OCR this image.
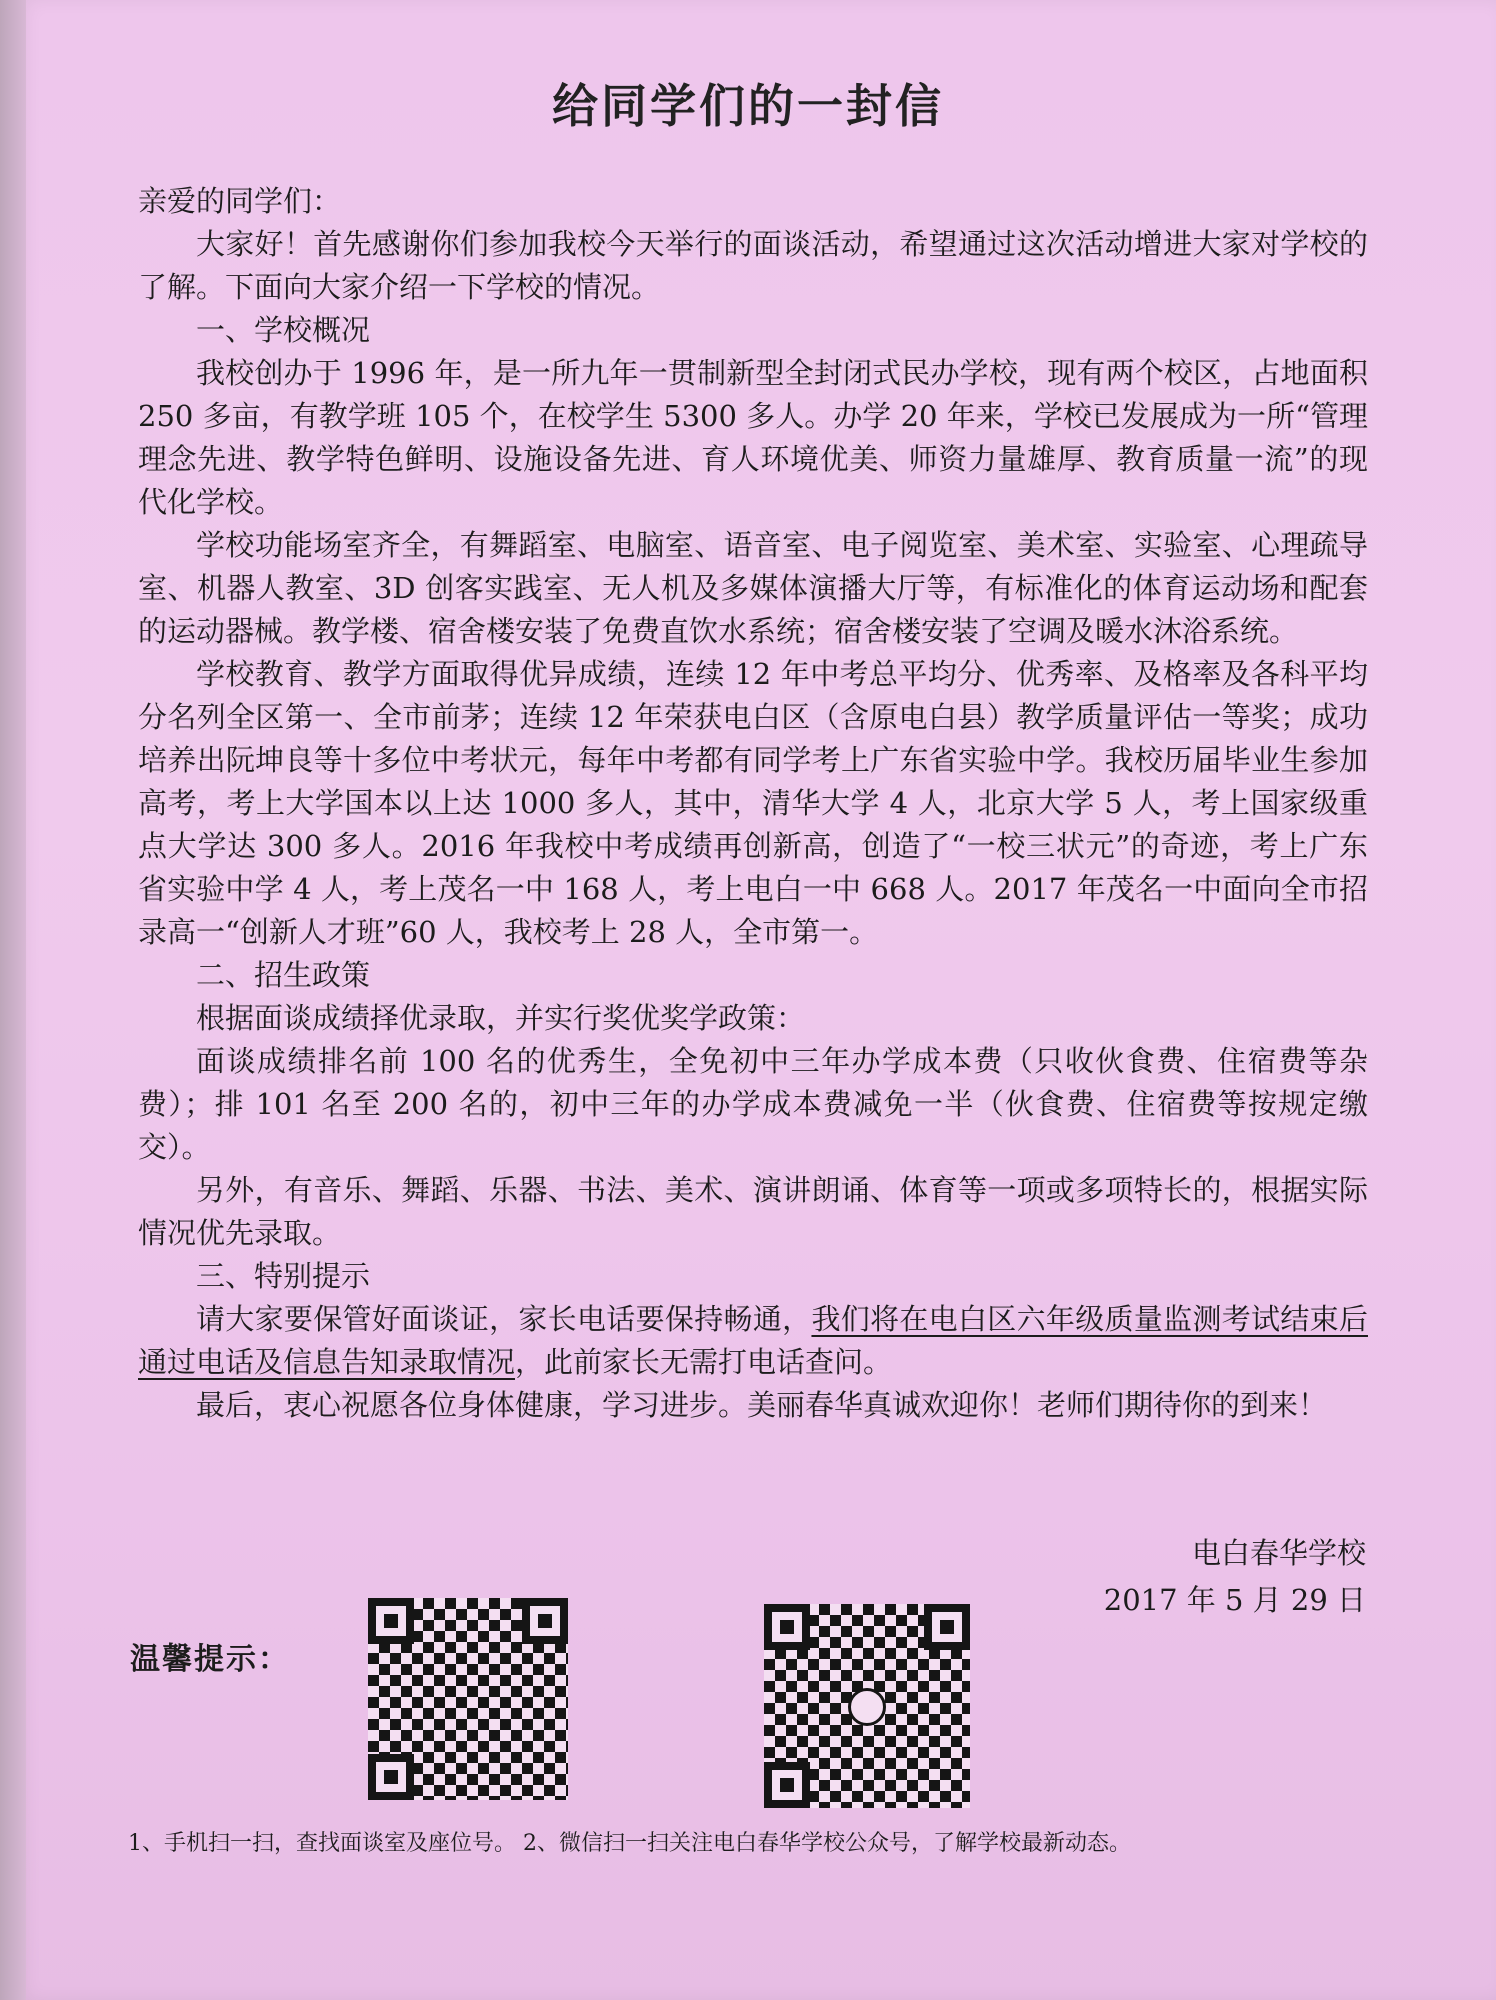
给同学们的一封信

亲爱的同学们：

大家好！首先感谢你们参加我校今天举行的面谈活动，希望通过这次活动增进大家对学校的了解。下面向大家介绍一下学校的情况。

一、学校概况

我校创办于 1996 年，是一所九年一贯制新型全封闭式民办学校，现有两个校区，占地面积 250 多亩，有教学班 105 个，在校学生 5300 多人。办学 20 年来，学校已发展成为一所“管理理念先进、教学特色鲜明、设施设备先进、育人环境优美、师资力量雄厚、教育质量一流”的现代化学校。

学校功能场室齐全，有舞蹈室、电脑室、语音室、电子阅览室、美术室、实验室、心理疏导室、机器人教室、3D 创客实践室、无人机及多媒体演播大厅等，有标准化的体育运动场和配套的运动器械。教学楼、宿舍楼安装了免费直饮水系统；宿舍楼安装了空调及暖水沐浴系统。

学校教育、教学方面取得优异成绩，连续 12 年中考总平均分、优秀率、及格率及各科平均分名列全区第一、全市前茅；连续 12 年荣获电白区（含原电白县）教学质量评估一等奖；成功培养出阮坤良等十多位中考状元，每年中考都有同学考上广东省实验中学。我校历届毕业生参加高考，考上大学国本以上达 1000 多人，其中，清华大学 4 人，北京大学 5 人，考上国家级重点大学达 300 多人。2016 年我校中考成绩再创新高，创造了“一校三状元”的奇迹，考上广东省实验中学 4 人，考上茂名一中 168 人，考上电白一中 668 人。2017 年茂名一中面向全市招录高一“创新人才班”60 人，我校考上 28 人，全市第一。

二、招生政策

根据面谈成绩择优录取，并实行奖优奖学政策：

面谈成绩排名前 100 名的优秀生，全免初中三年办学成本费（只收伙食费、住宿费等杂费）；排 101 名至 200 名的，初中三年的办学成本费减免一半（伙食费、住宿费等按规定缴交）。

另外，有音乐、舞蹈、乐器、书法、美术、演讲朗诵、体育等一项或多项特长的，根据实际情况优先录取。

三、特别提示

请大家要保管好面谈证，家长电话要保持畅通，我们将在电白区六年级质量监测考试结束后通过电话及信息告知录取情况，此前家长无需打电话查问。

最后，衷心祝愿各位身体健康，学习进步。美丽春华真诚欢迎你！老师们期待你的到来！

电白春华学校
2017 年 5 月 29 日
温馨提示：
1、手机扫一扫，查找面谈室及座位号。 2、微信扫一扫关注电白春华学校公众号，了解学校最新动态。
